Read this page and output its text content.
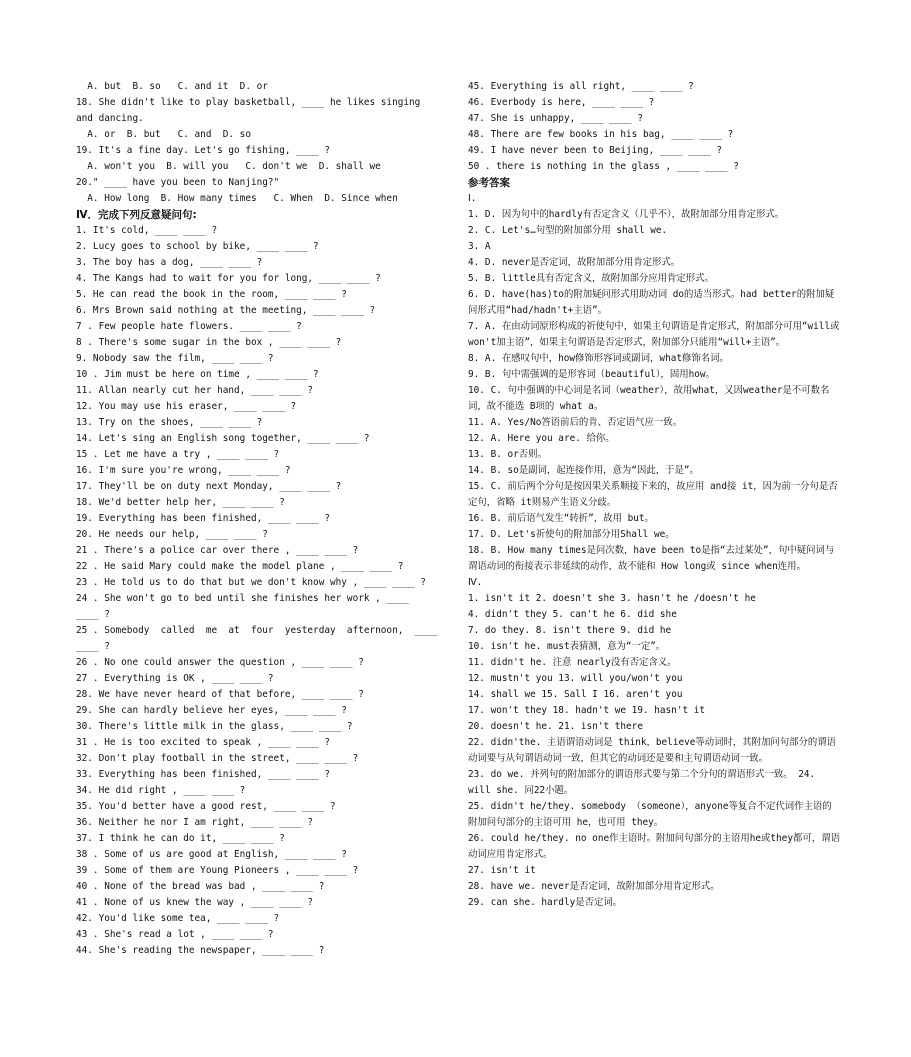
A. but  B. so   C. and it  D. or
18. She didn't like to play basketball, ____ he likes singing
and dancing.
A. or  B. but   C. and  D. so
19. It's a fine day. Let's go fishing, ____ ?
A. won't you  B. will you   C. don't we  D. shall we
20." ____ have you been to Nanjing?"
A. How long  B. How many times   C. When  D. Since when
Ⅳ．完成下列反意疑问句:
1. It's cold, ____ ____ ?
2. Lucy goes to school by bike, ____ ____ ?
3. The boy has a dog, ____ ____ ?
4. The Kangs had to wait for you for long, ____ ____ ?
5. He can read the book in the room, ____ ____ ?
6. Mrs Brown said nothing at the meeting, ____ ____ ?
7 . Few people hate flowers. ____ ____ ?
8 . There's some sugar in the box , ____ ____ ?
9. Nobody saw the film, ____ ____ ?
10 . Jim must be here on time , ____ ____ ?
11. Allan nearly cut her hand, ____ ____ ?
12. You may use his eraser, ____ ____ ?
13. Try on the shoes, ____ ____ ?
14. Let's sing an English song together, ____ ____ ?
15 . Let me have a try , ____ ____ ?
16. I'm sure you're wrong, ____ ____ ?
17. They'll be on duty next Monday, ____ ____ ?
18. We'd better help her, ____ ____ ?
19. Everything has been finished, ____ ____ ?
20. He needs our help, ____ ____ ?
21 . There's a police car over there , ____ ____ ?
22 . He said Mary could make the model plane , ____ ____ ?
23 . He told us to do that but we don't know why , ____ ____ ?
24 . She won't go to bed until she finishes her work , ____
____ ?
25 . Somebody  called  me  at  four  yesterday  afternoon,  ____
____ ?
26 . No one could answer the question , ____ ____ ?
27 . Everything is OK , ____ ____ ?
28. We have never heard of that before, ____ ____ ?
29. She can hardly believe her eyes, ____ ____ ?
30. There's little milk in the glass, ____ ____ ?
31 . He is too excited to speak , ____ ____ ?
32. Don't play football in the street, ____ ____ ?
33. Everything has been finished, ____ ____ ?
34. He did right , ____ ____ ?
35. You'd better have a good rest, ____ ____ ?
36. Neither he nor I am right, ____ ____ ?
37. I think he can do it, ____ ____ ?
38 . Some of us are good at English, ____ ____ ?
39 . Some of them are Young Pioneers , ____ ____ ?
40 . None of the bread was bad , ____ ____ ?
41 . None of us knew the way , ____ ____ ?
42. You'd like some tea, ____ ____ ?
43 . She's read a lot , ____ ____ ?
44. She's reading the newspaper, ____ ____ ?
45. Everything is all right, ____ ____ ?
46. Everbody is here, ____ ____ ?
47. She is unhappy, ____ ____ ?
48. There are few books in his bag, ____ ____ ?
49. I have never been to Beijing, ____ ____ ?
50 . there is nothing in the glass , ____ ____ ?
参考答案
Ⅰ.
1. D. 因为句中的hardly有否定含义（几乎不），故附加部分用肯定形式。
2. C. Let's…句型的附加部分用 shall we.
3. A
4. D. never是否定词，故附加部分用肯定形式。
5. B. little具有否定含义，故附加部分应用肯定形式。
6. D. have(has)to的附加疑问形式用助动词 do的适当形式。had better的附加疑问形式用“had/hadn't+主语”。
7. A. 在由动词原形构成的祈使句中，如果主句谓语是肯定形式，附加部分可用“will或won't加主语”，如果主句谓语是否定形式，附加部分只能用“will+主语”。
8. A. 在感叹句中，how修饰形容词或副词，what修饰名词。
9. B. 句中需强调的是形容词（beautiful），固用how。
10. C. 句中强调的中心词是名词（weather），故用what，又因weather是不可数名词，故不能选 B项的 what a。
11. A. Yes/No答语前后的肯、否定语气应一致。
12. A. Here you are. 给你。
13. B. or否则。
14. B. so是副词，起连接作用，意为“因此，于是”。
15. C. 前后两个分句是按因果关系顺接下来的，故应用 and接 it，因为前一分句是否定句，省略 it则易产生语义分歧。
16. B. 前后语气发生“转折”，故用 but。
17. D. Let's祈使句的附加部分用Shall we。
18. B. How many times是问次数，have been to是指“去过某处”，句中疑问词与谓语动词的衔接表示非延续的动作，故不能和 How long或 since when连用。
Ⅳ.
1. isn't it 2. doesn't she 3. hasn't he /doesn't he
4. didn't they 5. can't he 6. did she
7. do they. 8. isn't there 9. did he
10. isn't he. must表猜测，意为“一定”。
11. didn't he. 注意 nearly没有否定含义。
12. mustn't you 13. will you/won't you
14. shall we 15. Sall I 16. aren't you
17. won't they 18. hadn't we 19. hasn't it
20. doesn't he. 21. isn't there
22. didn'the. 主语谓语动词是 think，believe等动词时，其附加问句部分的谓语动词要与从句谓语动词一致，但其它的动词还是要和主句谓语动词一致。
23. do we. 并列句的附加部分的谓语形式要与第二个分句的谓语形式一致。 24. will she. 同22小题。
25. didn't he/they. somebody （someone），anyone等复合不定代词作主语的附加问句部分的主语可用 he，也可用 they。
26. could he/they. no one作主语时。附加问句部分的主语用he或they都可，谓语动词应用肯定形式。
27. isn't it
28. have we. never是否定词，故附加部分用肯定形式。
29. can she. hardly是否定词。
